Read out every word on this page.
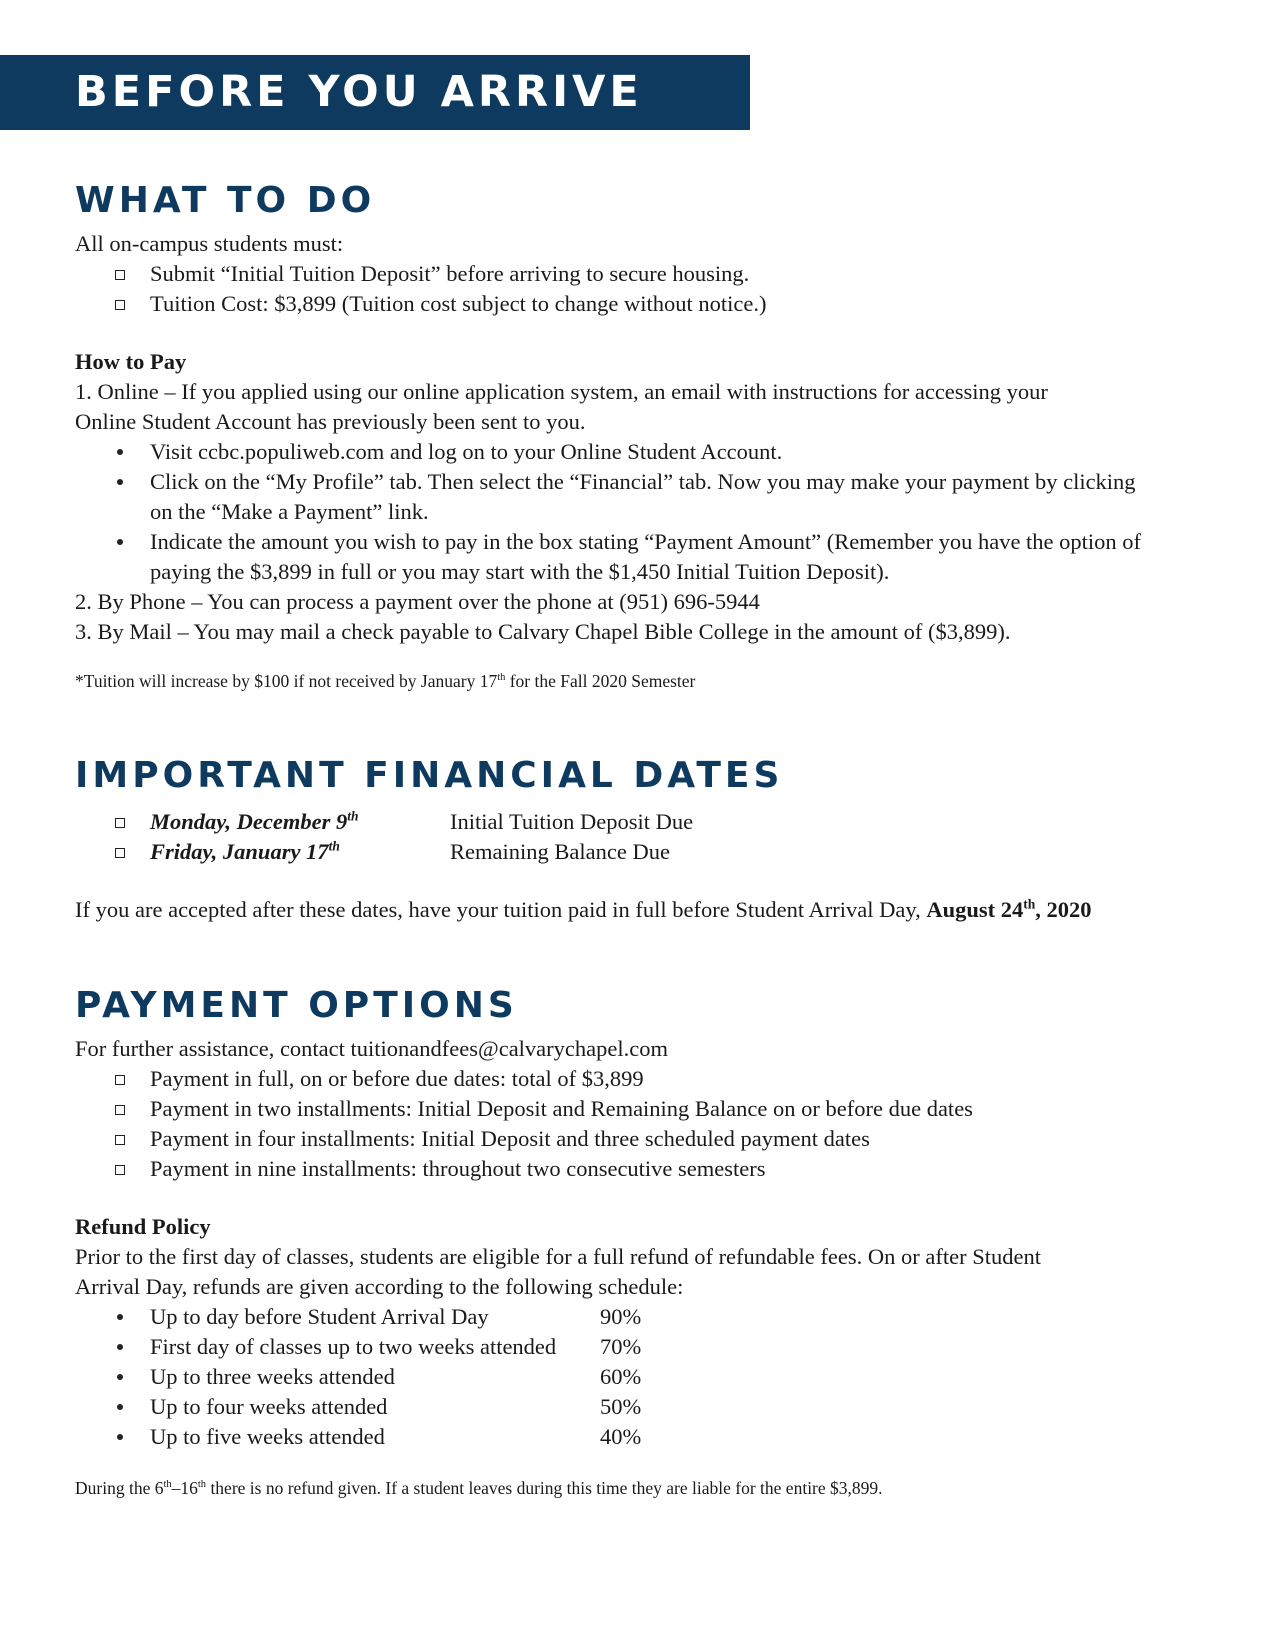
BEFORE YOU ARRIVE
WHAT TO DO

All on-campus students must:

Submit “Initial Tuition Deposit” before arriving to secure housing.
Tuition Cost: $3,899 (Tuition cost subject to change without notice.)

How to Pay

1. Online – If you applied using our online application system, an email with instructions for accessing your Online Student Account has previously been sent to you.

Visit ccbc.populiweb.com and log on to your Online Student Account.
Click on the “My Profile” tab. Then select the “Financial” tab. Now you may make your payment by clicking on the “Make a Payment” link.
Indicate the amount you wish to pay in the box stating “Payment Amount” (Remember you have the option of paying the $3,899 in full or you may start with the $1,450 Initial Tuition Deposit).

2. By Phone – You can process a payment over the phone at (951) 696-5944

3. By Mail – You may mail a check payable to Calvary Chapel Bible College in the amount of ($3,899).

*Tuition will increase by $100 if not received by January 17th for the Fall 2020 Semester

IMPORTANT FINANCIAL DATES
Monday, December 9th	Initial Tuition Deposit Due
Friday, January 17th	Remaining Balance Due

If you are accepted after these dates, have your tuition paid in full before Student Arrival Day, August 24th, 2020

PAYMENT OPTIONS

For further assistance, contact tuitionandfees@calvarychapel.com

Payment in full, on or before due dates: total of $3,899
Payment in two installments: Initial Deposit and Remaining Balance on or before due dates
Payment in four installments: Initial Deposit and three scheduled payment dates
Payment in nine installments: throughout two consecutive semesters

Refund Policy

Prior to the first day of classes, students are eligible for a full refund of refundable fees. On or after Student Arrival Day, refunds are given according to the following schedule:

Up to day before Student Arrival Day	90%
First day of classes up to two weeks attended 70%
Up to three weeks attended	60%
Up to four weeks attended	50%
Up to five weeks attended	40%

During the 6th–16th there is no refund given. If a student leaves during this time they are liable for the entire $3,899.
